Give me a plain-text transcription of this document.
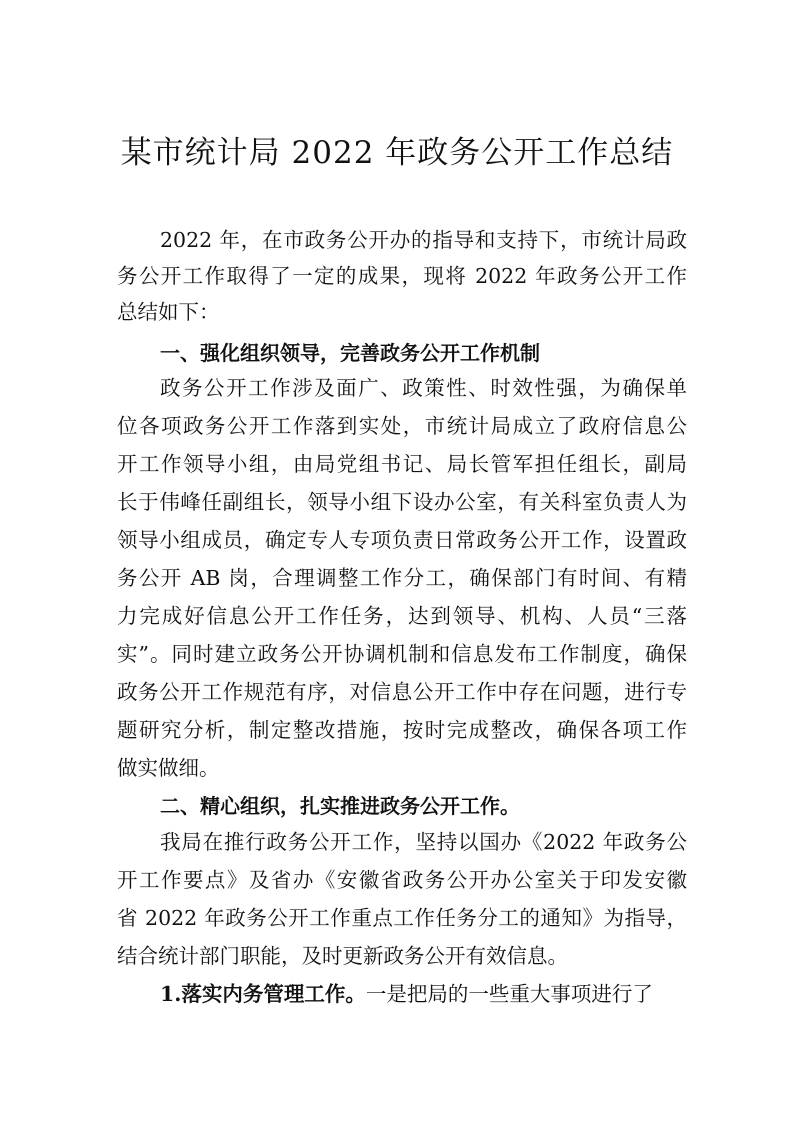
某市统计局 2022 年政务公开工作总结

2022 年，在市政务公开办的指导和支持下，市统计局政

务公开工作取得了一定的成果，现将 2022 年政务公开工作

总结如下：

一、强化组织领导，完善政务公开工作机制

政务公开工作涉及面广、政策性、时效性强，为确保单

位各项政务公开工作落到实处，市统计局成立了政府信息公

开工作领导小组，由局党组书记、局长管军担任组长，副局

长于伟峰任副组长，领导小组下设办公室，有关科室负责人为

领导小组成员，确定专人专项负责日常政务公开工作，设置政

务公开 AB 岗，合理调整工作分工，确保部门有时间、有精

力完成好信息公开工作任务，达到领导、机构、人员“三落

实”。同时建立政务公开协调机制和信息发布工作制度，确保

政务公开工作规范有序，对信息公开工作中存在问题，进行专

题研究分析，制定整改措施，按时完成整改，确保各项工作

做实做细。

二、精心组织，扎实推进政务公开工作。

我局在推行政务公开工作，坚持以国办《2022 年政务公

开工作要点》及省办《安徽省政务公开办公室关于印发安徽

省 2022 年政务公开工作重点工作任务分工的通知》为指导，

结合统计部门职能，及时更新政务公开有效信息。

1.落实内务管理工作。一是把局的一些重大事项进行了
